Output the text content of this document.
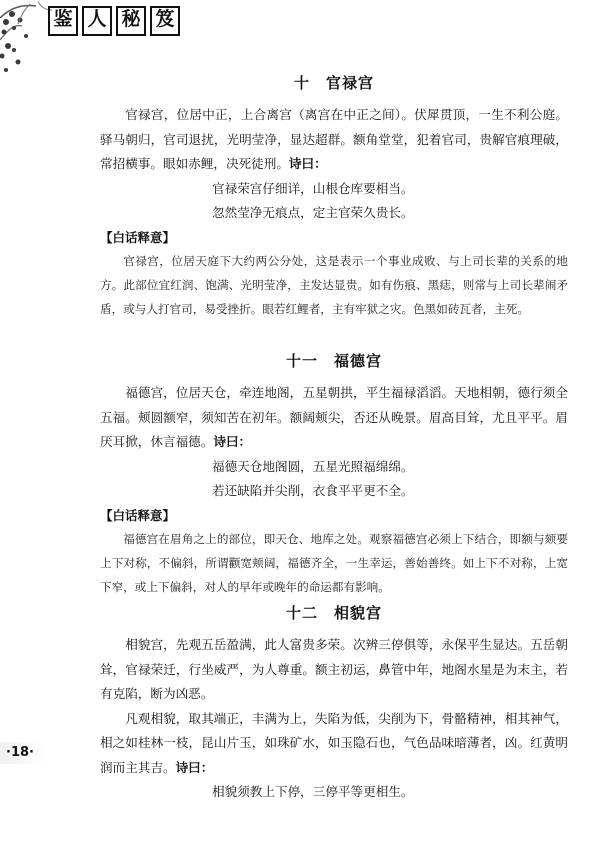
鉴 人 秘 笈
十 官禄宫

官禄宫，位居中正，上合离宫（离宫在中正之间）。伏犀贯顶，一生不利公庭。驿马朝归，官司退扰，光明莹净，显达超群。额角堂堂，犯着官司，贵解官痕理破，常招横事。眼如赤鲤，决死徒刑。诗曰：

官禄荣宫仔细详，山根仓库要相当。

忽然莹净无痕点，定主官荣久贵长。

【白话释意】

官禄宫，位居天庭下大约两公分处，这是表示一个事业成败、与上司长辈的关系的地方。此部位宜红润、饱满、光明莹净，主发达显贵。如有伤痕、黑痣，则常与上司长辈闹矛盾，或与人打官司，易受挫折。眼若红鲤者，主有牢狱之灾。色黑如砖瓦者，主死。

十一 福德宫

福德宫，位居天仓，牵连地阁，五星朝拱，平生福禄滔滔。天地相朝，德行须全五福。颊圆额窄，须知苦在初年。额阔颊尖，否还从晚景。眉高目耸，尤且平平。眉厌耳掀，休言福德。诗曰：

福德天仓地阁圆，五星光照福绵绵。

若还缺陷并尖削，衣食平平更不全。

【白话释意】

福德宫在眉角之上的部位，即天仓、地库之处。观察福德宫必须上下结合，即额与颏要上下对称，不偏斜，所谓颧宽颊阔，福德齐全，一生幸运，善始善终。如上下不对称，上宽下窄，或上下偏斜，对人的早年或晚年的命运都有影响。

十二 相貌宫

相貌宫，先观五岳盈满，此人富贵多荣。次辨三停俱等，永保平生显达。五岳朝耸，官禄荣迁，行坐威严，为人尊重。额主初运，鼻管中年，地阁水星是为末主，若有克陷，断为凶恶。

凡观相貌，取其端正，丰满为上，失陷为低，尖削为下，骨骼精神，相其神气，相之如桂林一枝，昆山片玉，如珠矿水，如玉隐石也，气色品味暗薄者，凶。红黄明润而主其吉。诗曰：

相貌须教上下停，三停平等更相生。

·18·
